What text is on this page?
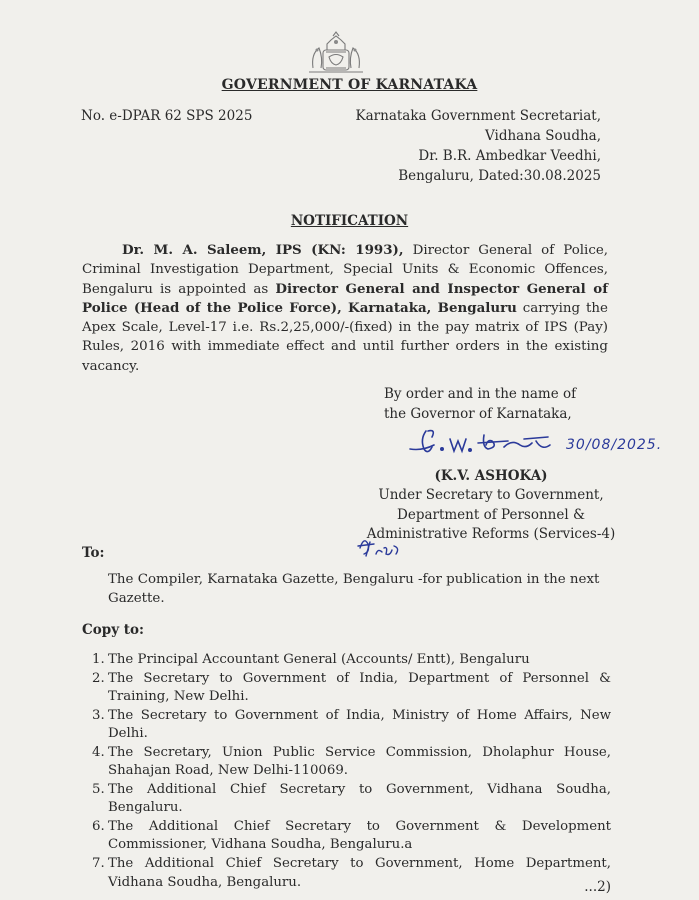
GOVERNMENT OF KARNATAKA
No. e-DPAR 62 SPS 2025	Karnataka Government Secretariat,
Vidhana Soudha,
Dr. B.R. Ambedkar Veedhi,
Bengaluru, Dated:30.08.2025
NOTIFICATION
Dr. M. A. Saleem, IPS (KN: 1993), Director General of Police, Criminal Investigation Department, Special Units & Economic Offences, Bengaluru is appointed as Director General and Inspector General of Police (Head of the Police Force), Karnataka, Bengaluru carrying the Apex Scale, Level-17 i.e. Rs.2,25,000/-(fixed) in the pay matrix of IPS (Pay) Rules, 2016 with immediate effect and until further orders in the existing vacancy.
By order and in the name of
the Governor of Karnataka,
30/08/2025.
(K.V. ASHOKA)
Under Secretary to Government,
Department of Personnel &
Administrative Reforms (Services-4)
To:
The Compiler, Karnataka Gazette, Bengaluru -for publication in the next Gazette.
Copy to:
1. The Principal Accountant General (Accounts/ Entt), Bengaluru
2. The Secretary to Government of India, Department of Personnel & Training, New Delhi.
3. The Secretary to Government of India, Ministry of Home Affairs, New Delhi.
4. The Secretary, Union Public Service Commission, Dholaphur House, Shahajan Road, New Delhi-110069.
5. The Additional Chief Secretary to Government, Vidhana Soudha, Bengaluru.
6. The Additional Chief Secretary to Government & Development Commissioner, Vidhana Soudha, Bengaluru.a
7. The Additional Chief Secretary to Government, Home Department, Vidhana Soudha, Bengaluru.	...2)
